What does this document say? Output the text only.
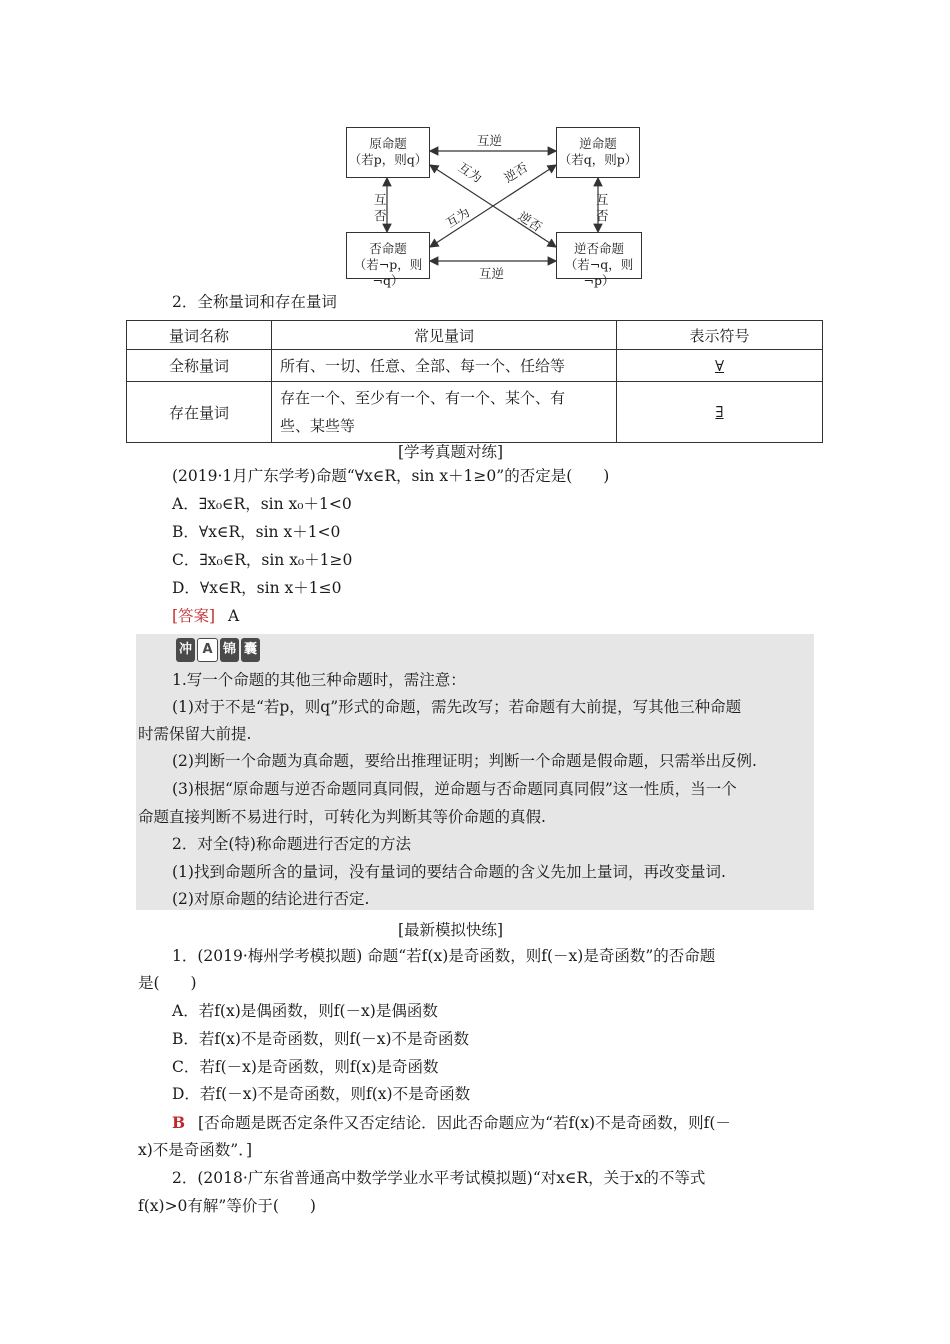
原命题
（若p，则q）
逆命题
（若q，则p）
否命题
（若¬p，则¬q）
逆否命题
（若¬q，则¬p）
互逆
互逆
互
否
互
否
互为
逆否
逆否
互为
2．全称量词和存在量词
量词名称	常见量词	表示符号
全称量词	所有、一切、任意、全部、每一个、任给等	∀
存在量词	存在一个、至少有一个、有一个、某个、有
些、某些等	∃
[学考真题对练]
(2019·1月广东学考)命题“∀x∈R，sin x＋1≥0”的否定是(　　)
A．∃x₀∈R，sin x₀＋1<0
B．∀x∈R，sin x＋1<0
C．∃x₀∈R，sin x₀＋1≥0
D．∀x∈R，sin x＋1≤0
[答案] A
冲 A 锦 囊
1.写一个命题的其他三种命题时，需注意：
(1)对于不是“若p，则q”形式的命题，需先改写；若命题有大前提，写其他三种命题
时需保留大前提.
(2)判断一个命题为真命题，要给出推理证明；判断一个命题是假命题，只需举出反例.
(3)根据“原命题与逆否命题同真同假，逆命题与否命题同真同假”这一性质，当一个
命题直接判断不易进行时，可转化为判断其等价命题的真假.
2．对全(特)称命题进行否定的方法
(1)找到命题所含的量词，没有量词的要结合命题的含义先加上量词，再改变量词.
(2)对原命题的结论进行否定.
[最新模拟快练]
1．(2019·梅州学考模拟题) 命题“若f(x)是奇函数，则f(－x)是奇函数”的否命题
是(　　)
A．若f(x)是偶函数，则f(－x)是偶函数
B．若f(x)不是奇函数，则f(－x)不是奇函数
C．若f(－x)是奇函数，则f(x)是奇函数
D．若f(－x)不是奇函数，则f(x)不是奇函数
B [否命题是既否定条件又否定结论．因此否命题应为“若f(x)不是奇函数，则f(－
x)不是奇函数”．]
2．(2018·广东省普通高中数学学业水平考试模拟题)“对x∈R，关于x的不等式
f(x)>0有解”等价于(　　)
